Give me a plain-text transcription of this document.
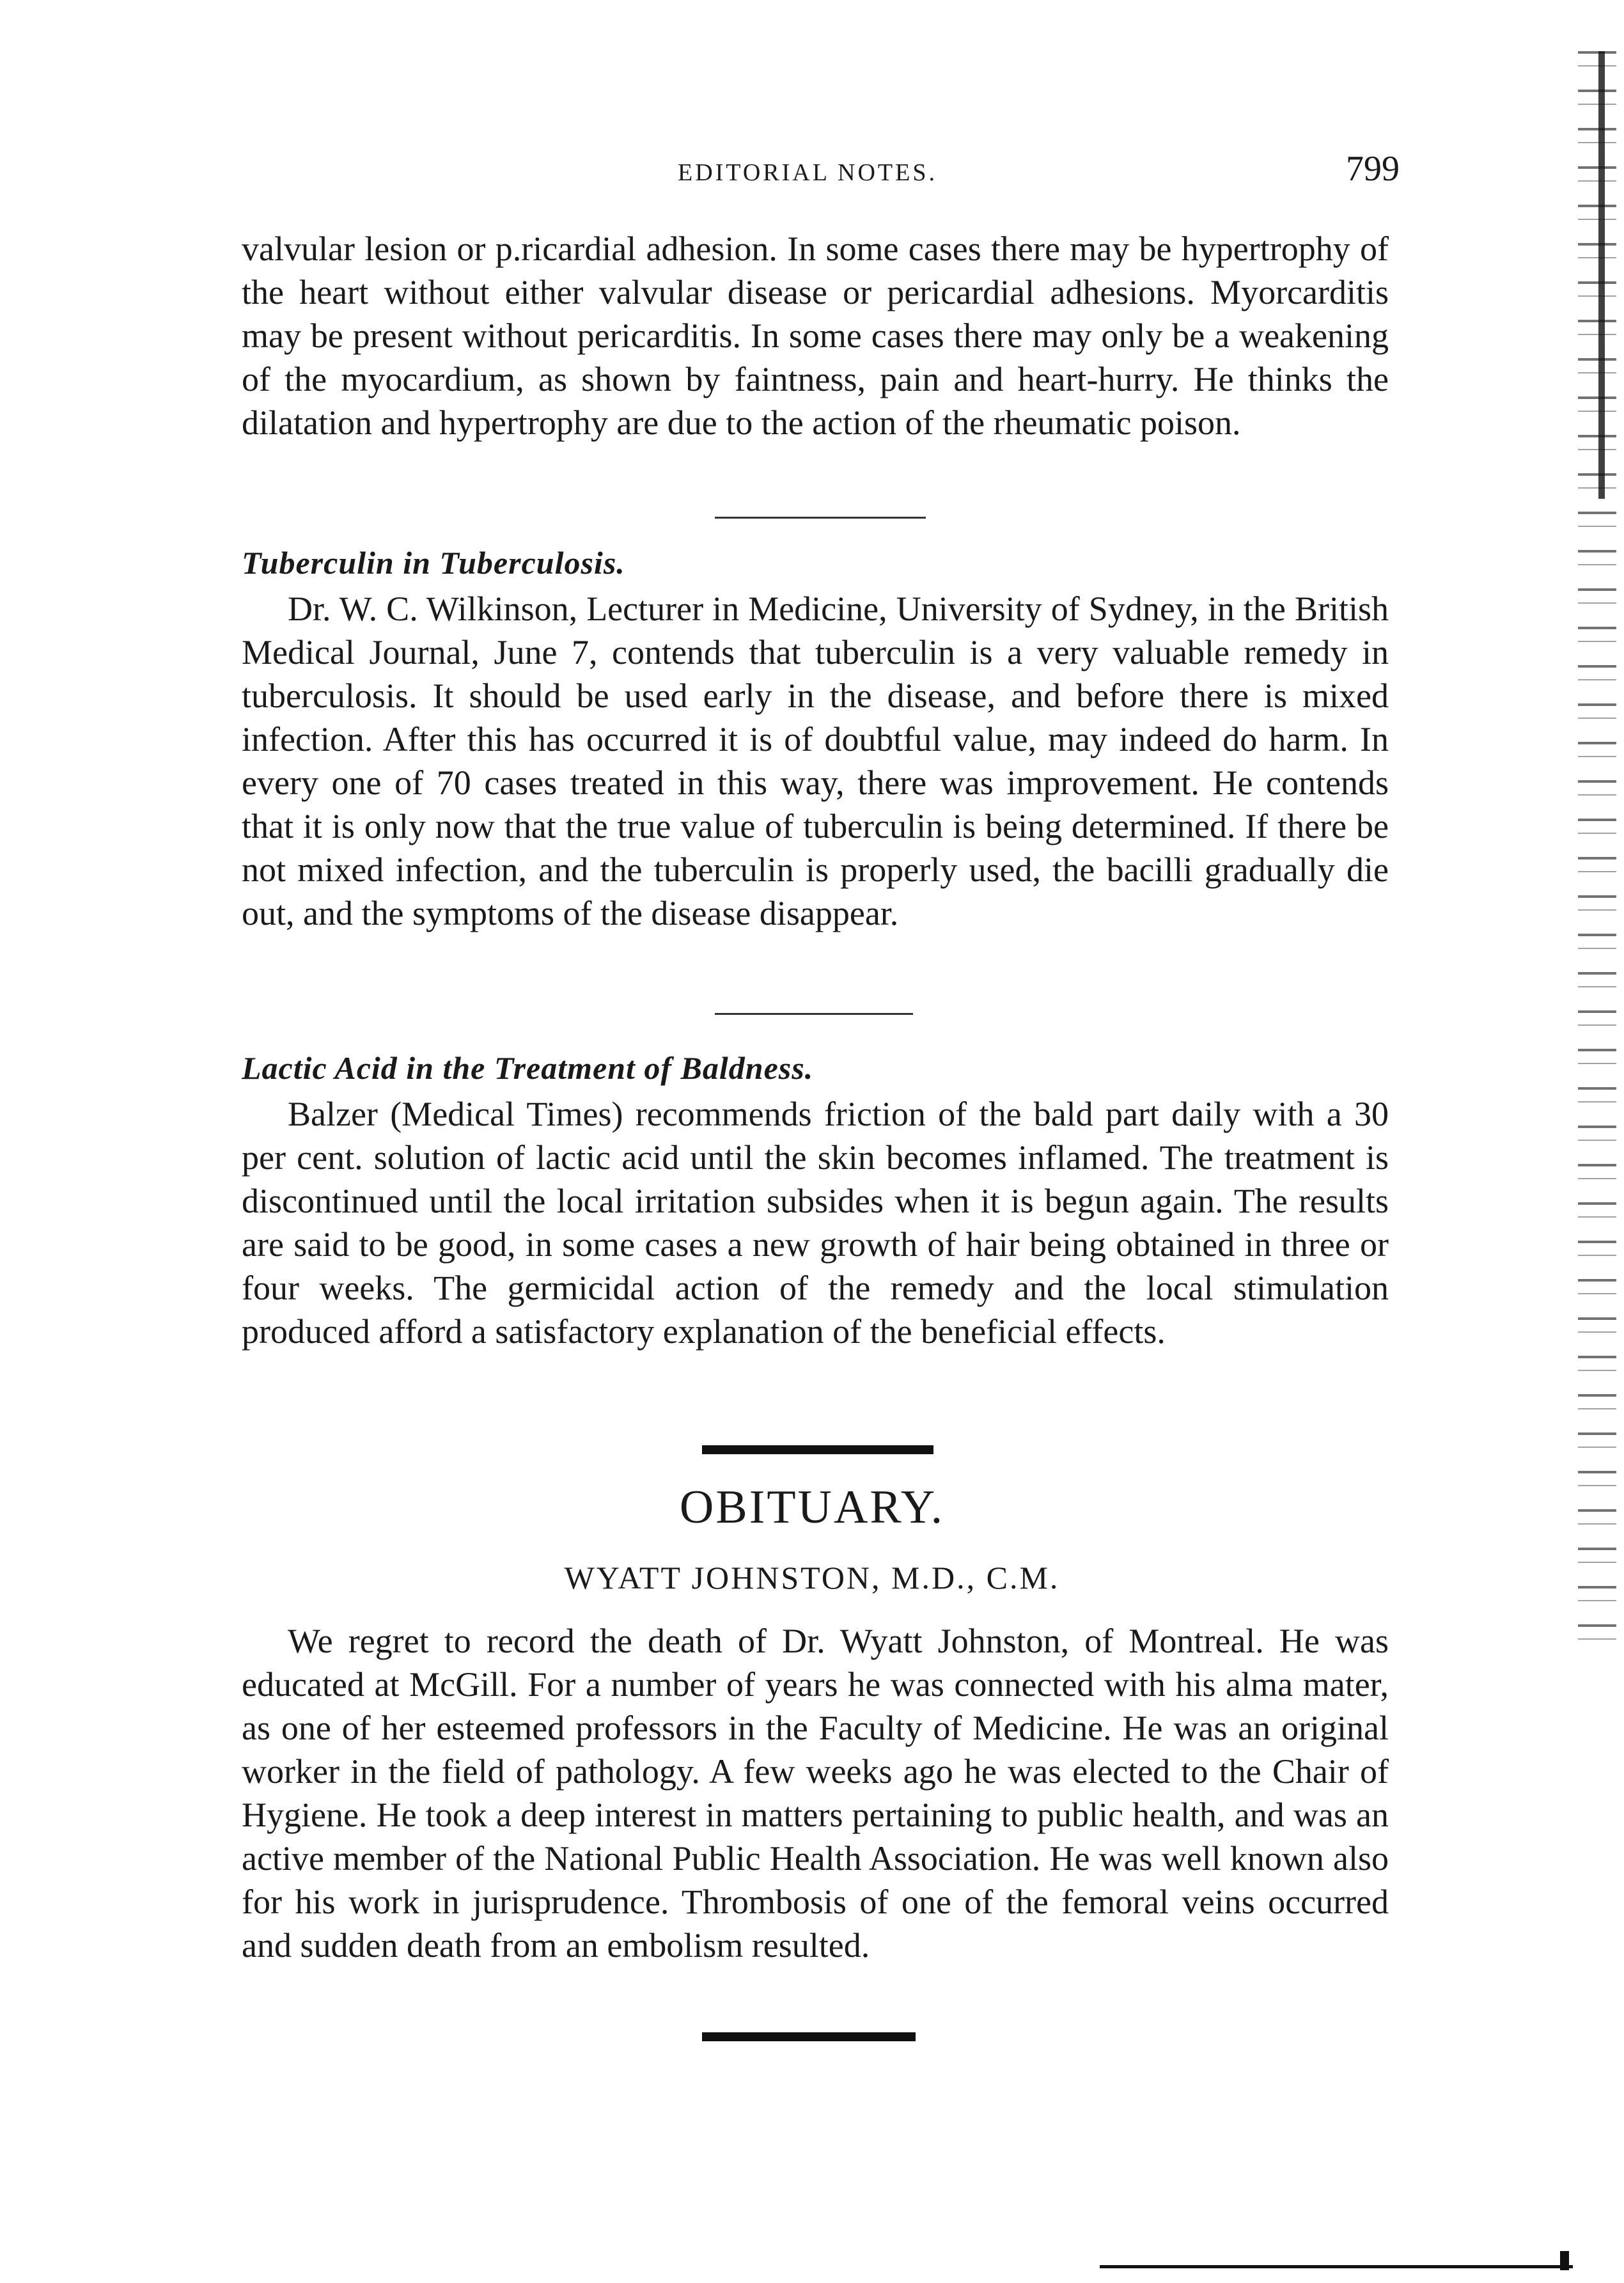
EDITORIAL NOTES.	799

valvular lesion or p.ricardial adhesion. In some cases there may be hypertrophy of the heart without either valvular disease or pericardial adhesions. Myorcarditis may be present without pericarditis. In some cases there may only be a weakening of the myocardium, as shown by faintness, pain and heart-hurry. He thinks the dilatation and hypertrophy are due to the action of the rheumatic poison.

Tuberculin in Tuberculosis.

Dr. W. C. Wilkinson, Lecturer in Medicine, University of Sydney, in the British Medical Journal, June 7, contends that tuberculin is a very valuable remedy in tuberculosis. It should be used early in the disease, and before there is mixed infection. After this has occurred it is of doubtful value, may indeed do harm. In every one of 70 cases treated in this way, there was improvement. He contends that it is only now that the true value of tuberculin is being determined. If there be not mixed infection, and the tuberculin is properly used, the bacilli gradually die out, and the symptoms of the disease disappear.

Lactic Acid in the Treatment of Baldness.

Balzer (Medical Times) recommends friction of the bald part daily with a 30 per cent. solution of lactic acid until the skin becomes inflamed. The treatment is discontinued until the local irritation subsides when it is begun again. The results are said to be good, in some cases a new growth of hair being obtained in three or four weeks. The germicidal action of the remedy and the local stimulation produced afford a satisfactory explanation of the beneficial effects.

OBITUARY.
WYATT JOHNSTON, M.D., C.M.

We regret to record the death of Dr. Wyatt Johnston, of Montreal. He was educated at McGill. For a number of years he was connected with his alma mater, as one of her esteemed professors in the Faculty of Medicine. He was an original worker in the field of pathology. A few weeks ago he was elected to the Chair of Hygiene. He took a deep interest in matters pertaining to public health, and was an active member of the National Public Health Association. He was well known also for his work in jurisprudence. Thrombosis of one of the femoral veins occurred and sudden death from an embolism resulted.
